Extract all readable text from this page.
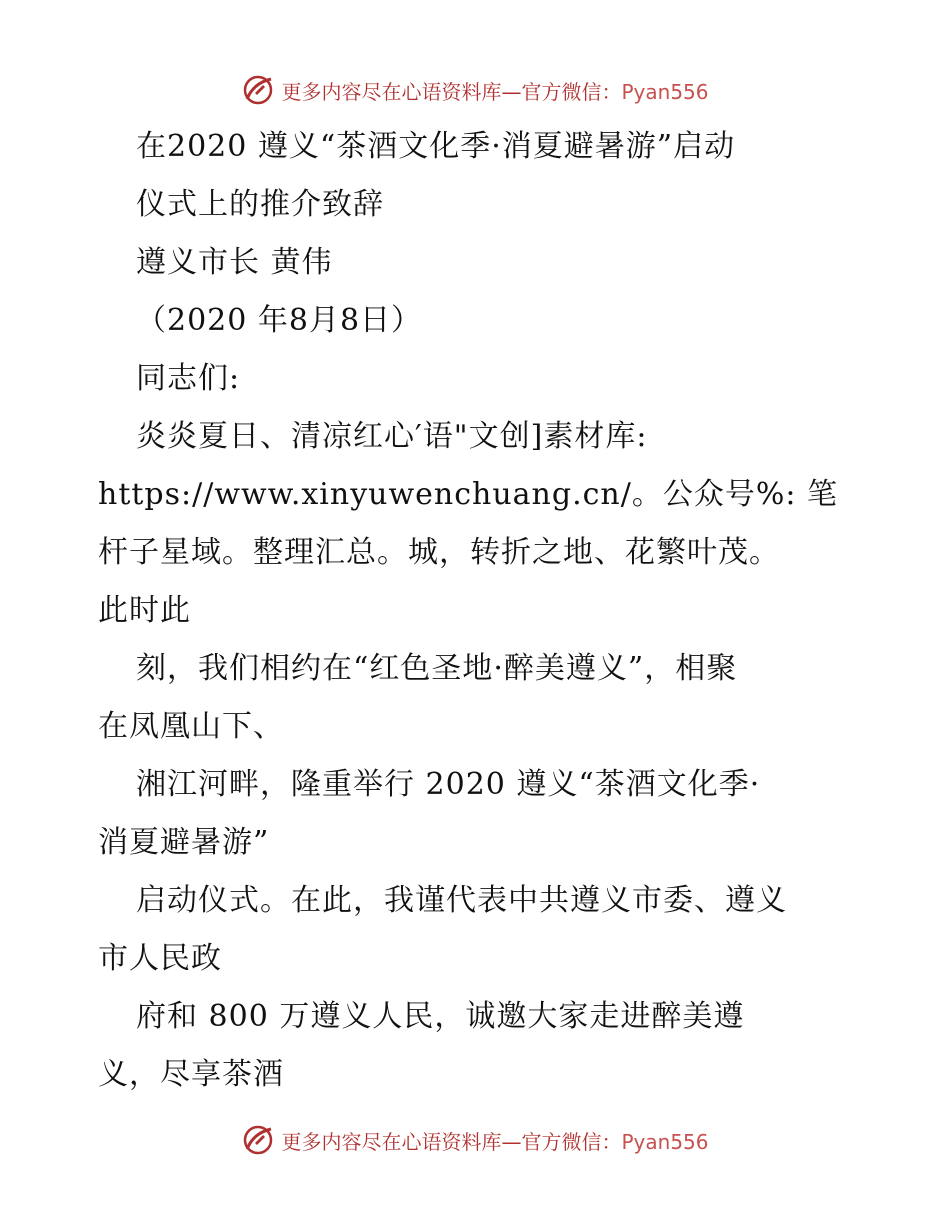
更多内容尽在心语资料库—官方微信：Pyan556
在2020 遵义“茶酒文化季·消夏避暑游”启动
仪式上的推介致辞
遵义市长 黄伟
（2020 年8月8日）
同志们:
炎炎夏日、清凉红心′语"文创]素材库:
https://www.xinyuwenchuang.cn/。公众号%: 笔
杆子星域。整理汇总。城，转折之地、花繁叶茂。
此时此
刻，我们相约在“红色圣地·醉美遵义”，相聚
在凤凰山下、
湘江河畔，隆重举行 2020 遵义“茶酒文化季·
消夏避暑游”
启动仪式。在此，我谨代表中共遵义市委、遵义
市人民政
府和 800 万遵义人民，诚邀大家走进醉美遵
义，尽享茶酒
更多内容尽在心语资料库—官方微信：Pyan556
